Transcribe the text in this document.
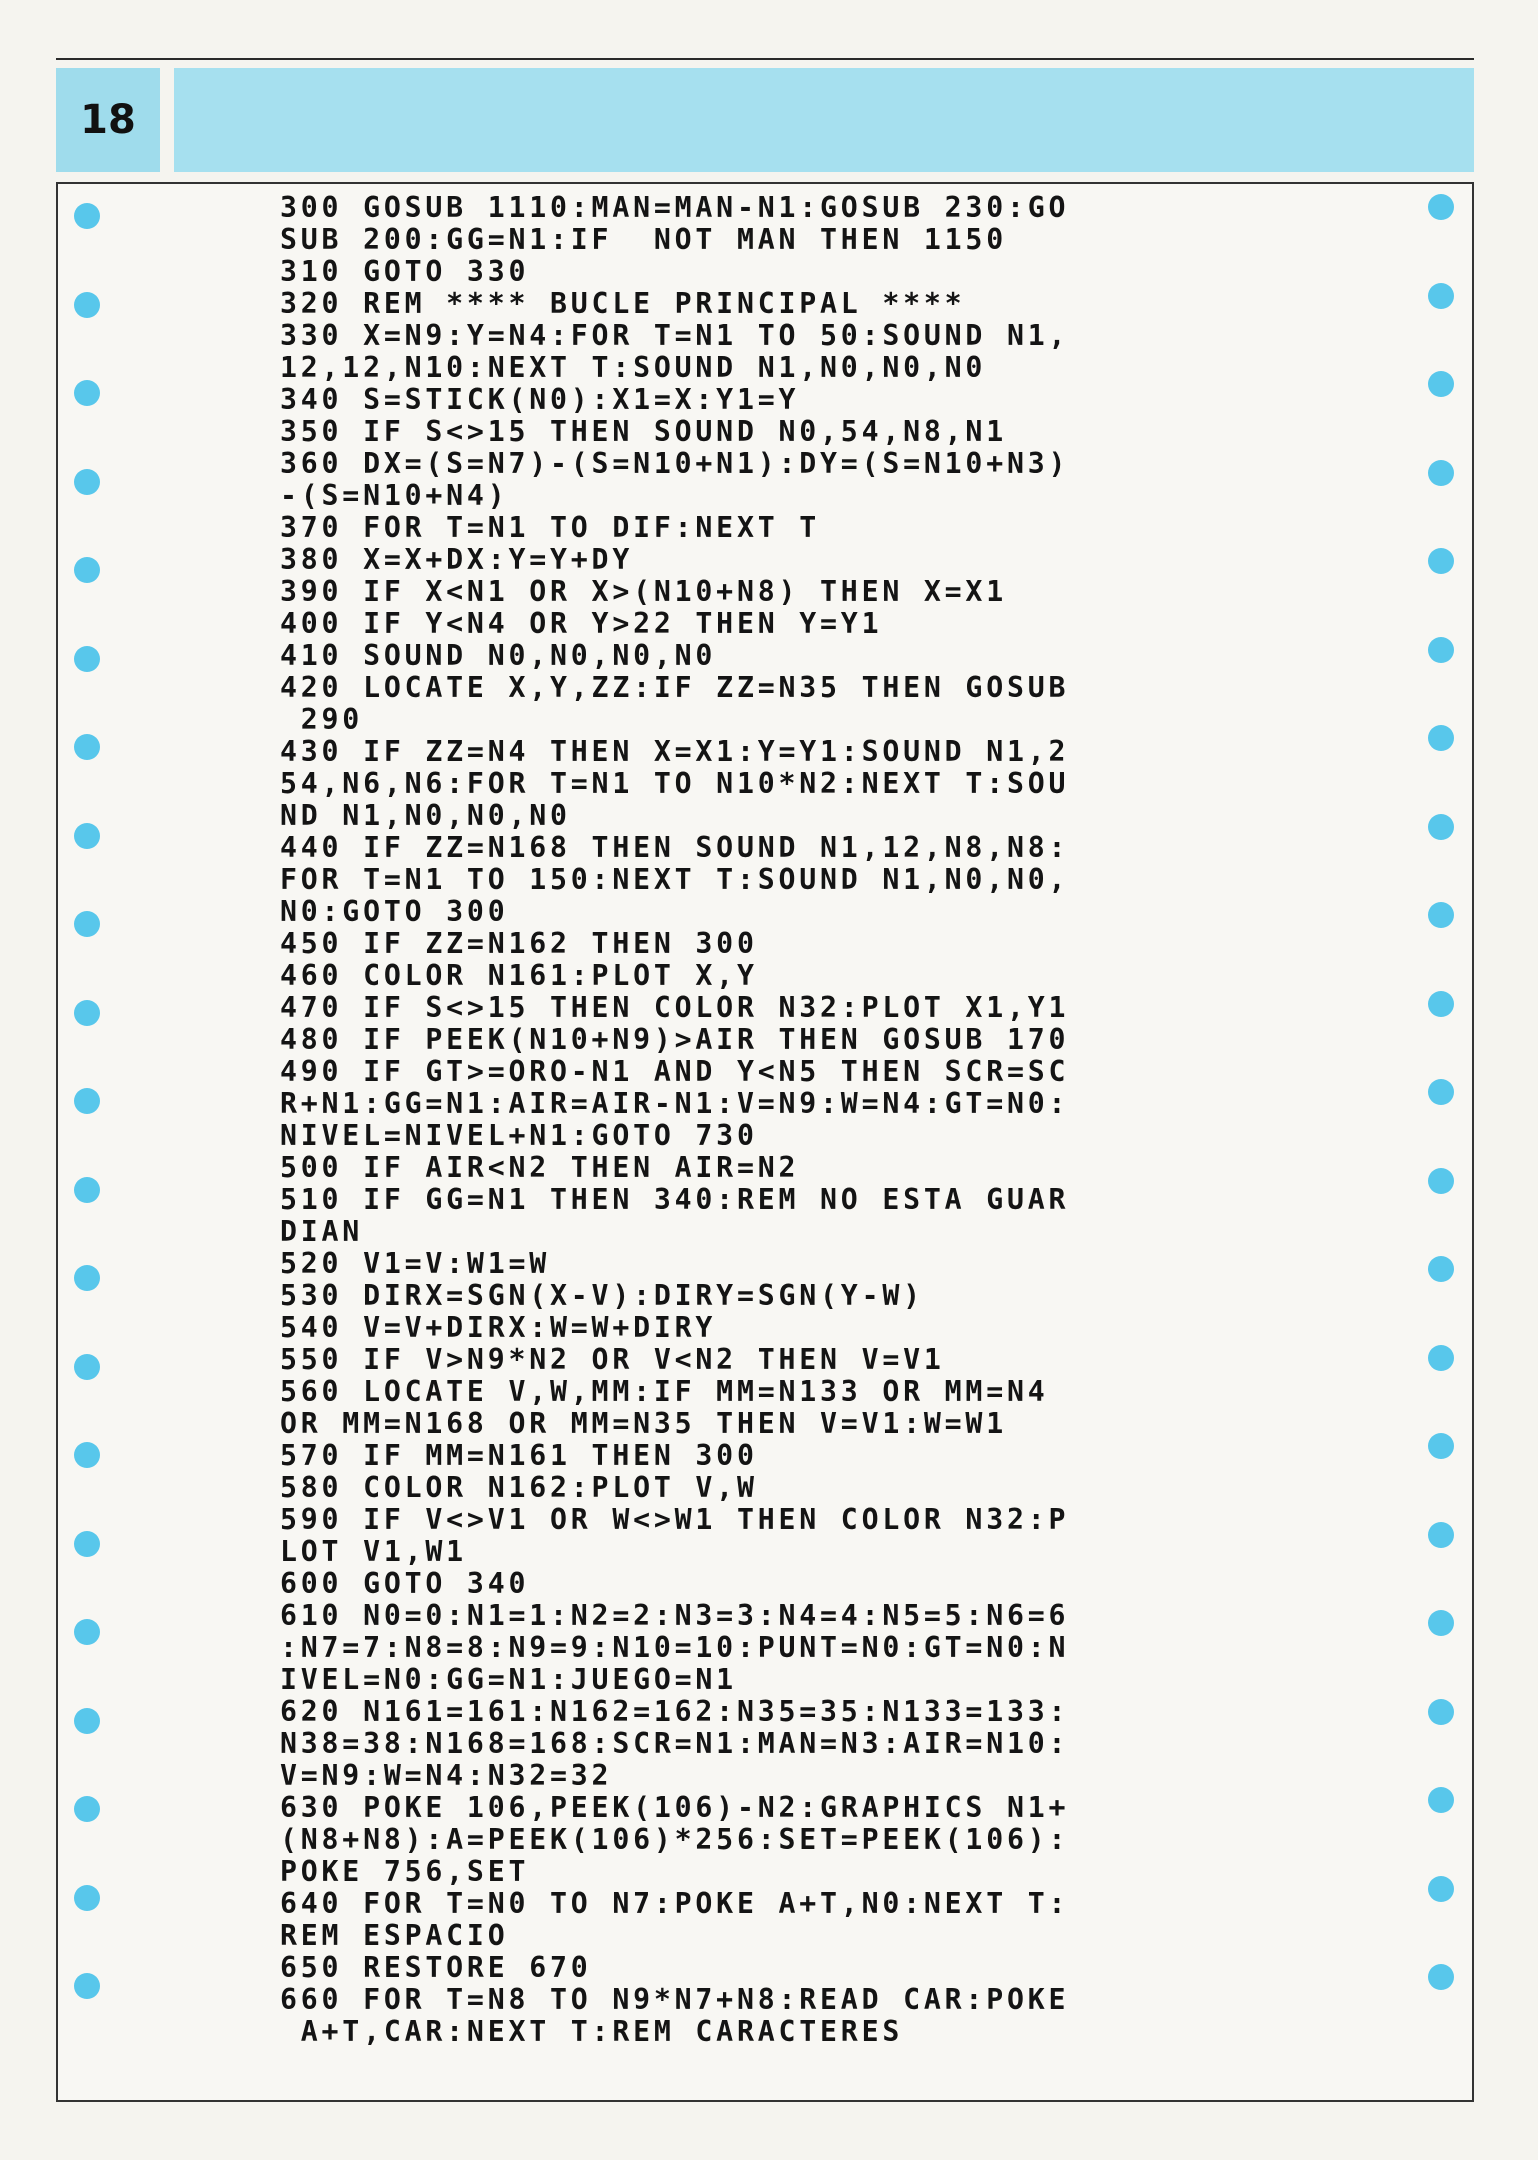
18
300 GOSUB 1110:MAN=MAN-N1:GOSUB 230:GO
SUB 200:GG=N1:IF  NOT MAN THEN 1150
310 GOTO 330
320 REM **** BUCLE PRINCIPAL ****
330 X=N9:Y=N4:FOR T=N1 TO 50:SOUND N1,
12,12,N10:NEXT T:SOUND N1,N0,N0,N0
340 S=STICK(N0):X1=X:Y1=Y
350 IF S<>15 THEN SOUND N0,54,N8,N1
360 DX=(S=N7)-(S=N10+N1):DY=(S=N10+N3)
-(S=N10+N4)
370 FOR T=N1 TO DIF:NEXT T
380 X=X+DX:Y=Y+DY
390 IF X<N1 OR X>(N10+N8) THEN X=X1
400 IF Y<N4 OR Y>22 THEN Y=Y1
410 SOUND N0,N0,N0,N0
420 LOCATE X,Y,ZZ:IF ZZ=N35 THEN GOSUB
290
430 IF ZZ=N4 THEN X=X1:Y=Y1:SOUND N1,2
54,N6,N6:FOR T=N1 TO N10*N2:NEXT T:SOU
ND N1,N0,N0,N0
440 IF ZZ=N168 THEN SOUND N1,12,N8,N8:
FOR T=N1 TO 150:NEXT T:SOUND N1,N0,N0,
N0:GOTO 300
450 IF ZZ=N162 THEN 300
460 COLOR N161:PLOT X,Y
470 IF S<>15 THEN COLOR N32:PLOT X1,Y1
480 IF PEEK(N10+N9)>AIR THEN GOSUB 170
490 IF GT>=ORO-N1 AND Y<N5 THEN SCR=SC
R+N1:GG=N1:AIR=AIR-N1:V=N9:W=N4:GT=N0:
NIVEL=NIVEL+N1:GOTO 730
500 IF AIR<N2 THEN AIR=N2
510 IF GG=N1 THEN 340:REM NO ESTA GUAR
DIAN
520 V1=V:W1=W
530 DIRX=SGN(X-V):DIRY=SGN(Y-W)
540 V=V+DIRX:W=W+DIRY
550 IF V>N9*N2 OR V<N2 THEN V=V1
560 LOCATE V,W,MM:IF MM=N133 OR MM=N4
OR MM=N168 OR MM=N35 THEN V=V1:W=W1
570 IF MM=N161 THEN 300
580 COLOR N162:PLOT V,W
590 IF V<>V1 OR W<>W1 THEN COLOR N32:P
LOT V1,W1
600 GOTO 340
610 N0=0:N1=1:N2=2:N3=3:N4=4:N5=5:N6=6
:N7=7:N8=8:N9=9:N10=10:PUNT=N0:GT=N0:N
IVEL=N0:GG=N1:JUEGO=N1
620 N161=161:N162=162:N35=35:N133=133:
N38=38:N168=168:SCR=N1:MAN=N3:AIR=N10:
V=N9:W=N4:N32=32
630 POKE 106,PEEK(106)-N2:GRAPHICS N1+
(N8+N8):A=PEEK(106)*256:SET=PEEK(106):
POKE 756,SET
640 FOR T=N0 TO N7:POKE A+T,N0:NEXT T:
REM ESPACIO
650 RESTORE 670
660 FOR T=N8 TO N9*N7+N8:READ CAR:POKE
A+T,CAR:NEXT T:REM CARACTERES
